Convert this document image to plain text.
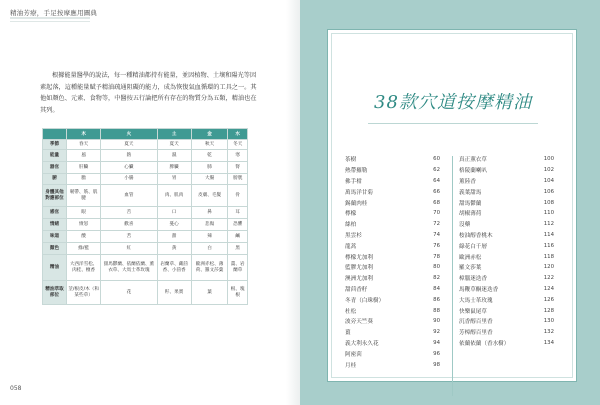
精油芳療，手足按摩應用圖典

根據能量醫學的說法，每一種精油都持有能量，並因植物、土壤和陽光等因素起落，這種能量賦予精油疏通阻礙的能力，成為恢復氣血循環的工具之一。其他如顏色、元素、食物等，中醫按五行論把所有存在的物質分為五類，精油也在其列。

	木	火	土	金	水
季節	春天	夏天	夏天	秋天	冬天
能量	風	熱	濕	乾	寒
器官	肝臟	心臟	脾臟	肺	腎
腑	膽	小腸	胃	大腸	膀胱
身體其他對應部位	韌帶、筋、肌腱	血管	肉、肌肉	皮膚、毛髮	骨
感官	眼	舌	口	鼻	耳
情緒	憤怒	歡喜	憂心	悲傷	恐懼
味道	酸	苦	甜	辣	鹹
顏色	綠/藍	紅	黃	白	黑
精油	大西洋雪松、肉桂、檀香	甜馬鬱蘭、依蘭依蘭、薰衣草、大馬士革玫瑰	岩蘭草、藏茴香、小茴香	歐洲赤松、薄荷、羅文莎葉	薑、岩蘭草
精油萃取部位	莖/根皮/木（和某些草）	花	籽、果實	葉	根、塊根
058
38款穴道按摩精油
茶樹	60
熱帶羅勒	62
佛手柑	64
萬馬洋甘菊	66
錫蘭肉桂	68
檸檬	70
絲柏	72
黑雲杉	74
龍蒿	76
檸檬尤加利	78
藍膠尤加利	80
澳洲尤加利	82
甜茴香籽	84
冬青（白珠樹）	86
杜松	88
波旁天竺葵	90
薑	92
義大利永久花	94
阿密茴	96
月桂	98
真正薰衣草	100
格陵蘭喇叭	102
薰陸香	104
義葉甜馬	106
甜馬鬱蘭	108
胡椒薄荷	110
沒藥	112
桉油醇香桃木	114
綠花白千層	116
歐洲赤松	118
羅文莎葉	120
樟腦迷迭香	122
馬鞭草酮迷迭香	124
大馬士革玫瑰	126
快樂鼠尾草	128
沉香醇百里香	130
芳樟醇百里香	132
依蘭依蘭（香水樹）	134
